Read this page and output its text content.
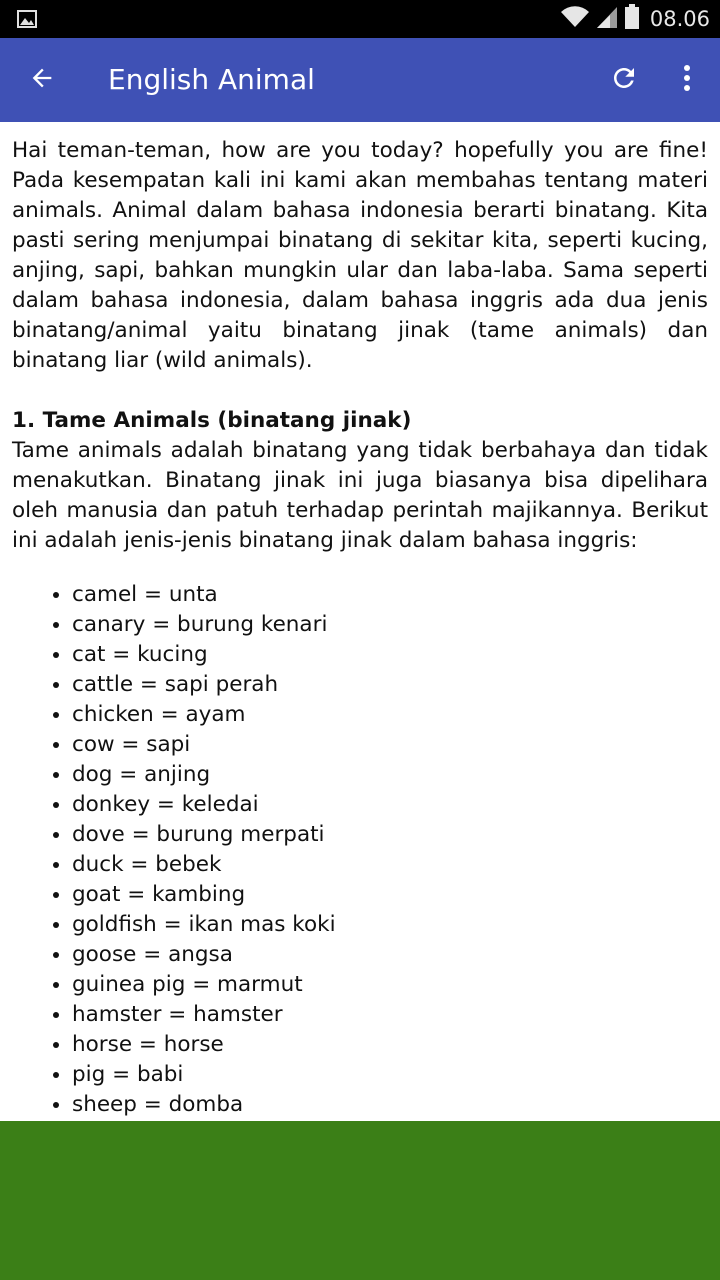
08.06
English Animal

Hai teman-teman, how are you today? hopefully you are fine! Pada kesempatan kali ini kami akan membahas tentang materi animals. Animal dalam bahasa indonesia berarti binatang. Kita pasti sering menjumpai binatang di sekitar kita, seperti kucing, anjing, sapi, bahkan mungkin ular dan laba-laba. Sama seperti dalam bahasa indonesia, dalam bahasa inggris ada dua jenis binatang/animal yaitu binatang jinak (tame animals) dan binatang liar (wild animals).

1. Tame Animals (binatang jinak)

Tame animals adalah binatang yang tidak berbahaya dan tidak menakutkan. Binatang jinak ini juga biasanya bisa dipelihara oleh manusia dan patuh terhadap perintah majikannya. Berikut ini adalah jenis-jenis binatang jinak dalam bahasa inggris:

• camel = unta
• canary = burung kenari
• cat = kucing
• cattle = sapi perah
• chicken = ayam
• cow = sapi
• dog = anjing
• donkey = keledai
• dove = burung merpati
• duck = bebek
• goat = kambing
• goldfish = ikan mas koki
• goose = angsa
• guinea pig = marmut
• hamster = hamster
• horse = horse
• pig = babi
• sheep = domba
